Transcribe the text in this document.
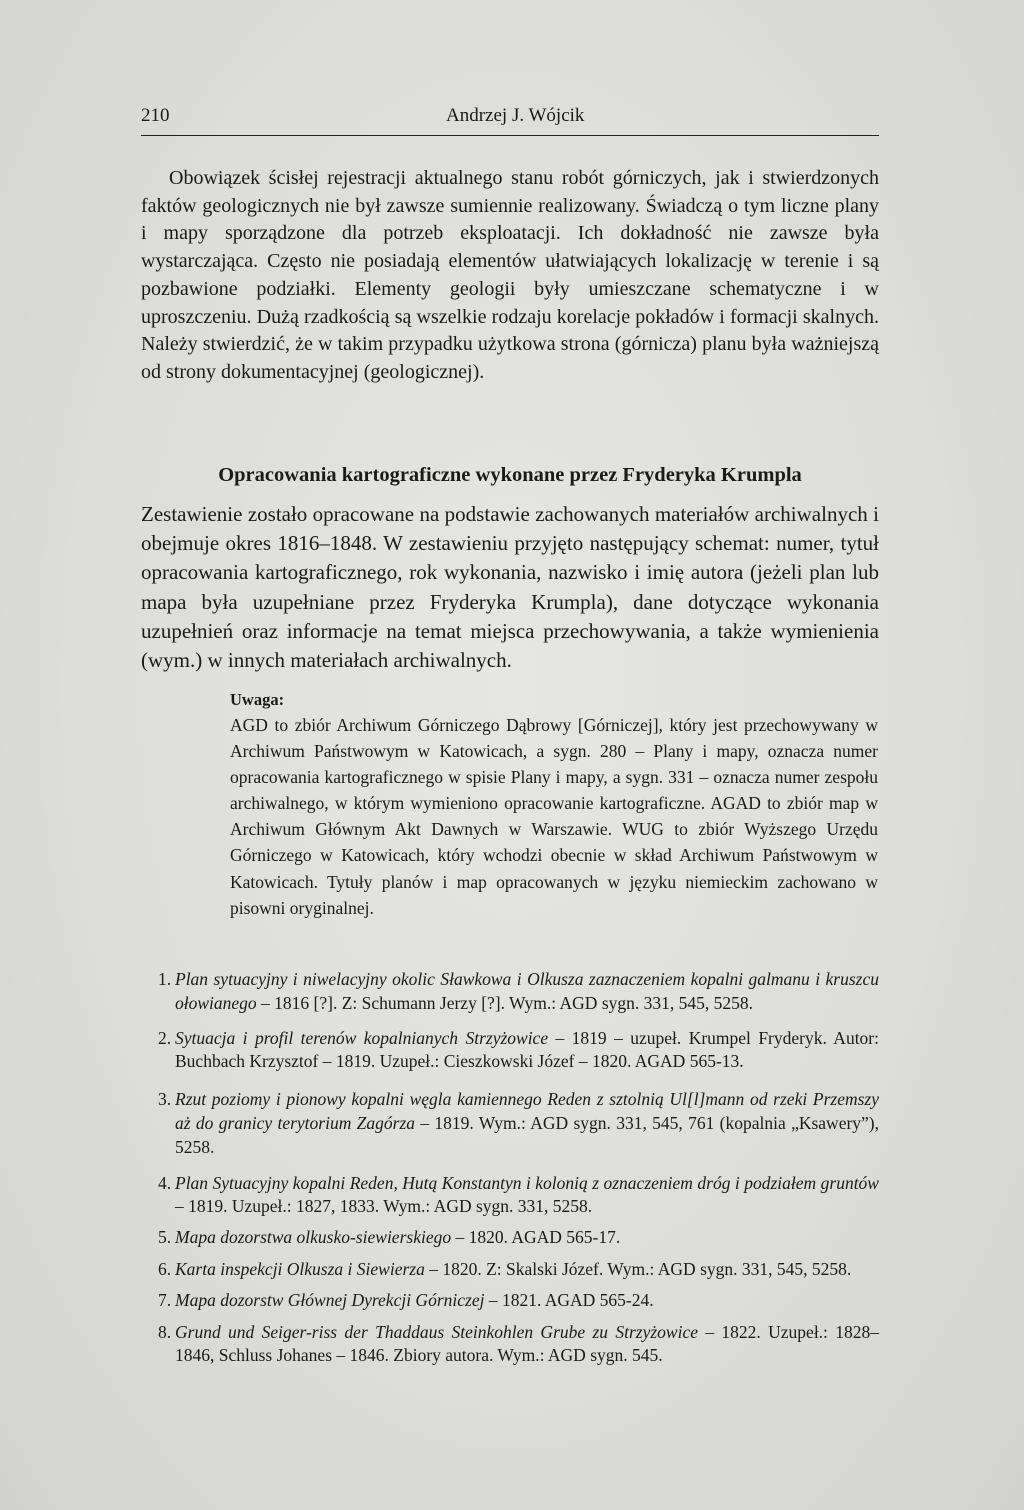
210	Andrzej J. Wójcik

Obowiązek ścisłej rejestracji aktualnego stanu robót górniczych, jak i stwierdzonych faktów geologicznych nie był zawsze sumiennie realizowany. Świadczą o tym liczne plany i mapy sporządzone dla potrzeb eksploatacji. Ich dokładność nie zawsze była wystarczająca. Często nie posiadają elementów ułatwiających lokalizację w terenie i są pozbawione podziałki. Elementy geologii były umieszczane schematyczne i w uproszczeniu. Dużą rzadkością są wszelkie rodzaju korelacje pokładów i formacji skalnych. Należy stwierdzić, że w takim przypadku użytkowa strona (górnicza) planu była ważniejszą od strony dokumentacyjnej (geologicznej).

Opracowania kartograficzne wykonane przez Fryderyka Krumpla

Zestawienie zostało opracowane na podstawie zachowanych materiałów archiwalnych i obejmuje okres 1816–1848. W zestawieniu przyjęto następujący schemat: numer, tytuł opracowania kartograficznego, rok wykonania, nazwisko i imię autora (jeżeli plan lub mapa była uzupełniane przez Fryderyka Krumpla), dane dotyczące wykonania uzupełnień oraz informacje na temat miejsca przechowywania, a także wymienienia (wym.) w innych materiałach archiwalnych.

Uwaga:

AGD to zbiór Archiwum Górniczego Dąbrowy [Górniczej], który jest przechowywany w Archiwum Państwowym w Katowicach, a sygn. 280 – Plany i mapy, oznacza numer opracowania kartograficznego w spisie Plany i mapy, a sygn. 331 – oznacza numer zespołu archiwalnego, w którym wymieniono opracowanie kartograficzne. AGAD to zbiór map w Archiwum Głównym Akt Dawnych w Warszawie. WUG to zbiór Wyższego Urzędu Górniczego w Katowicach, który wchodzi obecnie w skład Archiwum Państwowym w Katowicach. Tytuły planów i map opracowanych w języku niemieckim zachowano w pisowni oryginalnej.

1. Plan sytuacyjny i niwelacyjny okolic Sławkowa i Olkusza zaznaczeniem kopalni galmanu i kruszcu ołowianego – 1816 [?]. Z: Schumann Jerzy [?]. Wym.: AGD sygn. 331, 545, 5258.
2. Sytuacja i profil terenów kopalnianych Strzyżowice – 1819 – uzupeł. Krumpel Fryderyk. Autor: Buchbach Krzysztof – 1819. Uzupeł.: Cieszkowski Józef – 1820. AGAD 565-13.
3. Rzut poziomy i pionowy kopalni węgla kamiennego Reden z sztolnią Ul[l]mann od rzeki Przemszy aż do granicy terytorium Zagórza – 1819. Wym.: AGD sygn. 331, 545, 761 (kopalnia „Ksawery”), 5258.
4. Plan Sytuacyjny kopalni Reden, Hutą Konstantyn i kolonią z oznaczeniem dróg i podziałem gruntów – 1819. Uzupeł.: 1827, 1833. Wym.: AGD sygn. 331, 5258.
5. Mapa dozorstwa olkusko-siewierskiego – 1820. AGAD 565-17.
6. Karta inspekcji Olkusza i Siewierza – 1820. Z: Skalski Józef. Wym.: AGD sygn. 331, 545, 5258.
7. Mapa dozorstw Głównej Dyrekcji Górniczej – 1821. AGAD 565-24.
8. Grund und Seiger-riss der Thaddaus Steinkohlen Grube zu Strzyżowice – 1822. Uzupeł.: 1828–1846, Schluss Johanes – 1846. Zbiory autora. Wym.: AGD sygn. 545.
